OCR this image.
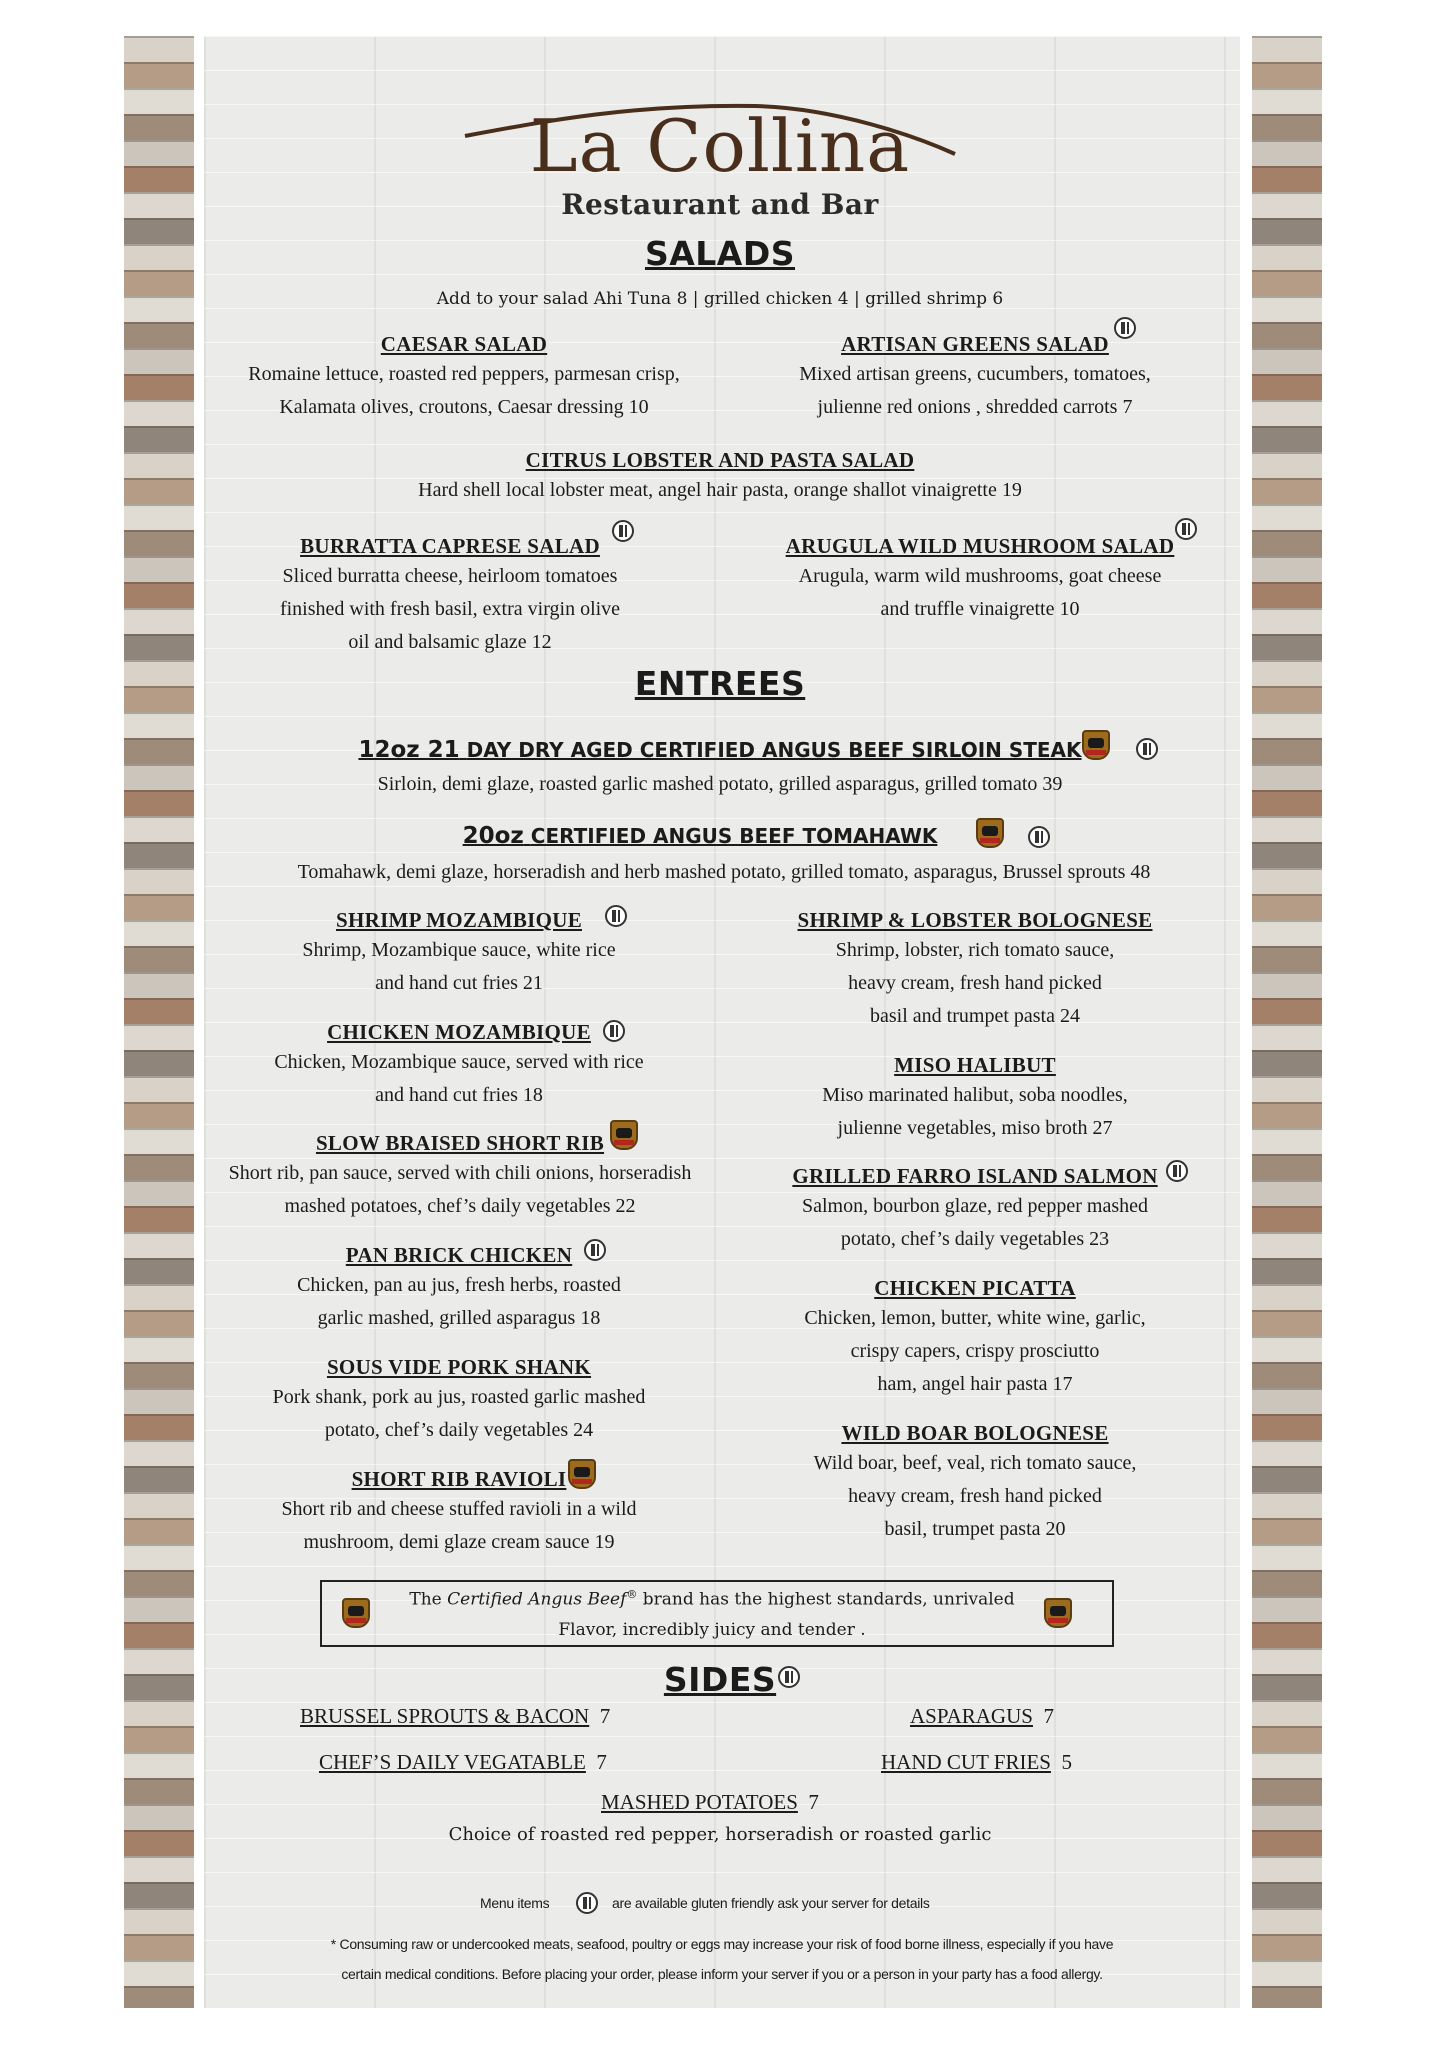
La Collina
Restaurant and Bar
SALADS
Add to your salad Ahi Tuna 8 | grilled chicken 4 | grilled shrimp 6
CAESAR SALAD
Romaine lettuce, roasted red peppers, parmesan crisp,
Kalamata olives, croutons, Caesar dressing 10
ARTISAN GREENS SALAD
Mixed artisan greens, cucumbers, tomatoes,
julienne red onions , shredded carrots 7
CITRUS LOBSTER AND PASTA SALAD
Hard shell local lobster meat, angel hair pasta, orange shallot vinaigrette 19
BURRATTA CAPRESE SALAD
Sliced burratta cheese, heirloom tomatoes
finished with fresh basil, extra virgin olive
oil and balsamic glaze 12
ARUGULA WILD MUSHROOM SALAD
Arugula, warm wild mushrooms, goat cheese
and truffle vinaigrette 10
ENTREES
12oz 21 DAY DRY AGED CERTIFIED ANGUS BEEF SIRLOIN STEAK
Sirloin, demi glaze, roasted garlic mashed potato, grilled asparagus, grilled tomato 39
20oz CERTIFIED ANGUS BEEF TOMAHAWK
Tomahawk, demi glaze, horseradish and herb mashed potato, grilled tomato, asparagus, Brussel sprouts 48
SHRIMP MOZAMBIQUE
Shrimp, Mozambique sauce, white rice
and hand cut fries 21
CHICKEN MOZAMBIQUE
Chicken, Mozambique sauce, served with rice
and hand cut fries 18
SLOW BRAISED SHORT RIB
Short rib, pan sauce, served with chili onions, horseradish
mashed potatoes, chef’s daily vegetables 22
PAN BRICK CHICKEN
Chicken, pan au jus, fresh herbs, roasted
garlic mashed, grilled asparagus 18
SOUS VIDE PORK SHANK
Pork shank, pork au jus, roasted garlic mashed
potato, chef’s daily vegetables 24
SHORT RIB RAVIOLI
Short rib and cheese stuffed ravioli in a wild
mushroom, demi glaze cream sauce 19
SHRIMP & LOBSTER BOLOGNESE
Shrimp, lobster, rich tomato sauce,
heavy cream, fresh hand picked
basil and trumpet pasta 24
MISO HALIBUT
Miso marinated halibut, soba noodles,
julienne vegetables, miso broth 27
GRILLED FARRO ISLAND SALMON
Salmon, bourbon glaze, red pepper mashed
potato, chef’s daily vegetables 23
CHICKEN PICATTA
Chicken, lemon, butter, white wine, garlic,
crispy capers, crispy prosciutto
ham, angel hair pasta 17
WILD BOAR BOLOGNESE
Wild boar, beef, veal, rich tomato sauce,
heavy cream, fresh hand picked
basil, trumpet pasta 20
The Certified Angus Beef® brand has the highest standards, unrivaled
Flavor, incredibly juicy and tender .
SIDES
BRUSSEL SPROUTS & BACON 7	ASPARAGUS 7
CHEF’S DAILY VEGATABLE 7	HAND CUT FRIES 5
MASHED POTATOES 7
Choice of roasted red pepper, horseradish or roasted garlic
Menu items	are available gluten friendly ask your server for details
* Consuming raw or undercooked meats, seafood, poultry or eggs may increase your risk of food borne illness, especially if you have
certain medical conditions. Before placing your order, please inform your server if you or a person in your party has a food allergy.
